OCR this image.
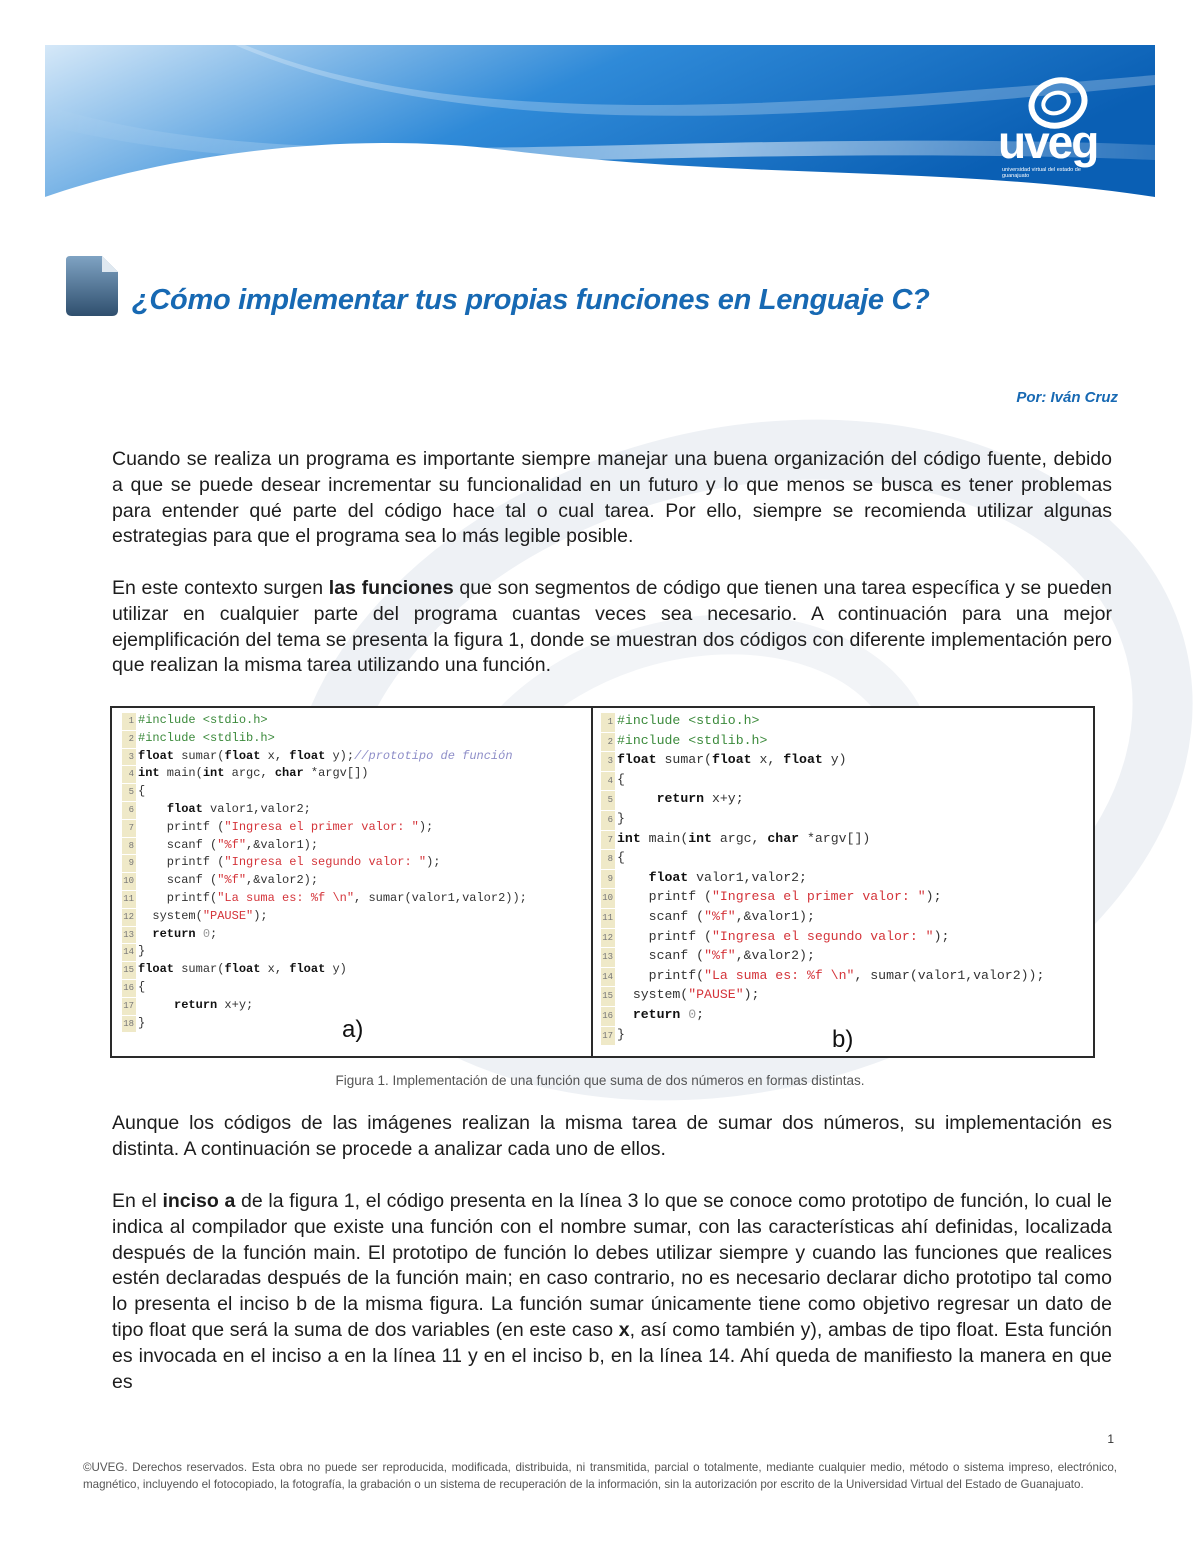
uveg
universidad virtual del estado de guanajuato
¿Cómo implementar tus propias funciones en Lenguaje C?
Por: Iván Cruz

Cuando se realiza un programa es importante siempre manejar una buena organización del código fuente, debido a que se puede desear incrementar su funcionalidad en un futuro y lo que menos se busca es tener problemas para entender qué parte del código hace tal o cual tarea. Por ello, siempre se recomienda utilizar algunas estrategias para que el programa sea lo más legible posible.

En este contexto surgen las funciones que son segmentos de código que tienen una tarea específica y se pueden utilizar en cualquier parte del programa cuantas veces sea necesario. A continuación para una mejor ejemplificación del tema se presenta la figura 1, donde se muestran dos códigos con diferente implementación pero que realizan la misma tarea utilizando una función.

1 #include <stdio.h>
2 #include <stdlib.h>
3 float sumar(float x, float y);//prototipo de función
4 int main(int argc, char *argv[])
5 {
6	float valor1,valor2;
7    printf ("Ingresa el primer valor: ");
8    scanf ("%f",&valor1);
9    printf ("Ingresa el segundo valor: ");
10    scanf ("%f",&valor2);
11    printf("La suma es: %f \n", sumar(valor1,valor2));
12  system("PAUSE");
13 return 0;
14 }
15 float sumar(float x, float y)
16 {
17	return x+y;
18 }	a)
1 #include <stdio.h>
2 #include <stdlib.h>
3 float sumar(float x, float y)
4 {
5	return x+y;
6 }
7 int main(int argc, char *argv[])
8 {
9	float valor1,valor2;
10    printf ("Ingresa el primer valor: ");
11    scanf ("%f",&valor1);
12    printf ("Ingresa el segundo valor: ");
13    scanf ("%f",&valor2);
14    printf("La suma es: %f \n", sumar(valor1,valor2));
15  system("PAUSE");
16 return 0;
17 }	b)
Figura 1. Implementación de una función que suma de dos números en formas distintas.

Aunque los códigos de las imágenes realizan la misma tarea de sumar dos números, su implementación es distinta. A continuación se procede a analizar cada uno de ellos.

En el inciso a de la figura 1, el código presenta en la línea 3 lo que se conoce como prototipo de función, lo cual le indica al compilador que existe una función con el nombre sumar, con las características ahí definidas, localizada después de la función main. El prototipo de función lo debes utilizar siempre y cuando las funciones que realices estén declaradas después de la función main; en caso contrario, no es necesario declarar dicho prototipo tal como lo presenta el inciso b de la misma figura. La función sumar únicamente tiene como objetivo regresar un dato de tipo float que será la suma de dos variables (en este caso x, así como también y), ambas de tipo float. Esta función es invocada en el inciso a en la línea 11 y en el inciso b, en la línea 14. Ahí queda de manifiesto la manera en que es

1

©UVEG. Derechos reservados. Esta obra no puede ser reproducida, modificada, distribuida, ni transmitida, parcial o totalmente, mediante cualquier medio, método o sistema impreso, electrónico, magnético, incluyendo el fotocopiado, la fotografía, la grabación o un sistema de recuperación de la información, sin la autorización por escrito de la Universidad Virtual del Estado de Guanajuato.
